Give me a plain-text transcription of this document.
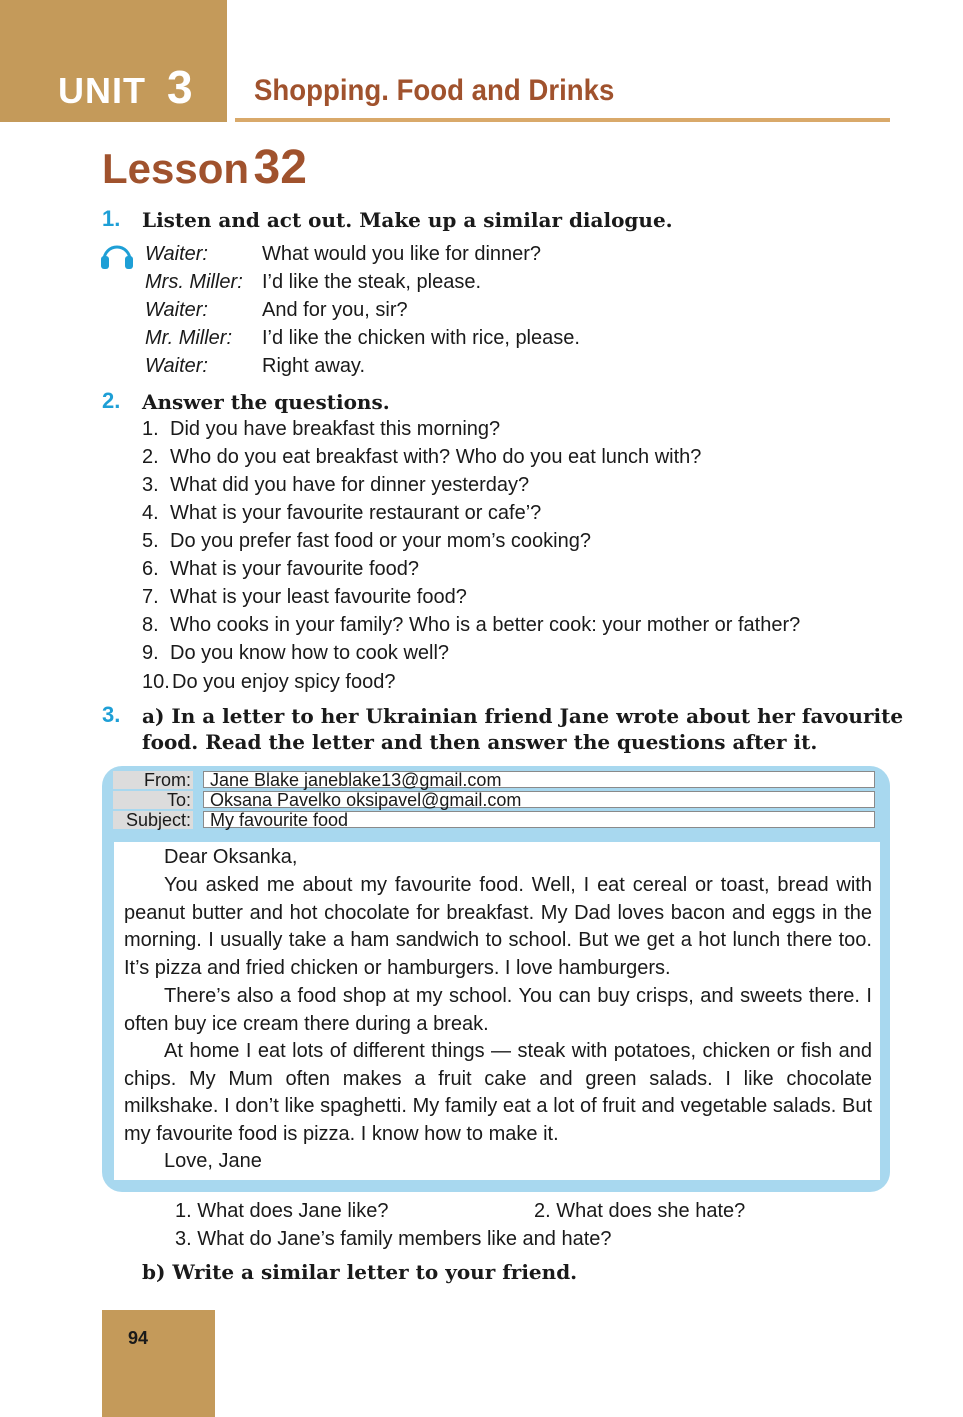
UNIT 3 Shopping. Food and Drinks
Lesson 32
1. Listen and act out. Make up a similar dialogue.
Waiter:	What would you like for dinner?
Mrs. Miller: I’d like the steak, please.
Waiter:	And for you, sir?
Mr. Miller: I’d like the chicken with rice, please.
Waiter:	Right away.
2. Answer the questions.
1. Did you have breakfast this morning?
2. Who do you eat breakfast with? Who do you eat lunch with?
3. What did you have for dinner yesterday?
4. What is your favourite restaurant or cafe’?
5. Do you prefer fast food or your mom’s cooking?
6. What is your favourite food?
7. What is your least favourite food?
8. Who cooks in your family? Who is a better cook: your mother or father?
9. Do you know how to cook well?
10. Do you enjoy spicy food?
3. a) In a letter to her Ukrainian friend Jane wrote about her favourite
food. Read the letter and then answer the questions after it.
From:	Jane Blake janeblake13@gmail.com
To:	Oksana Pavelko oksipavel@gmail.com
Subject:	My favourite food
Dear Oksanka,
You asked me about my favourite food. Well, I eat cereal or toast, bread with peanut butter and hot chocolate for breakfast. My Dad loves bacon and eggs in the morning. I usually take a ham sandwich to school. But we get a hot lunch there too. It’s pizza and fried chicken or hamburgers. I love hamburgers.
There’s also a food shop at my school. You can buy crisps, and sweets there. I often buy ice cream there during a break.
At home I eat lots of different things — steak with potatoes, chicken or fish and chips. My Mum often makes a fruit cake and green salads. I like chocolate milkshake. I don’t like spaghetti. My family eat a lot of fruit and vegetable salads. But my favourite food is pizza. I know how to make it.
Love, Jane
1. What does Jane like?	2. What does she hate?
3. What do Jane’s family members like and hate?
b) Write a similar letter to your friend.
94
